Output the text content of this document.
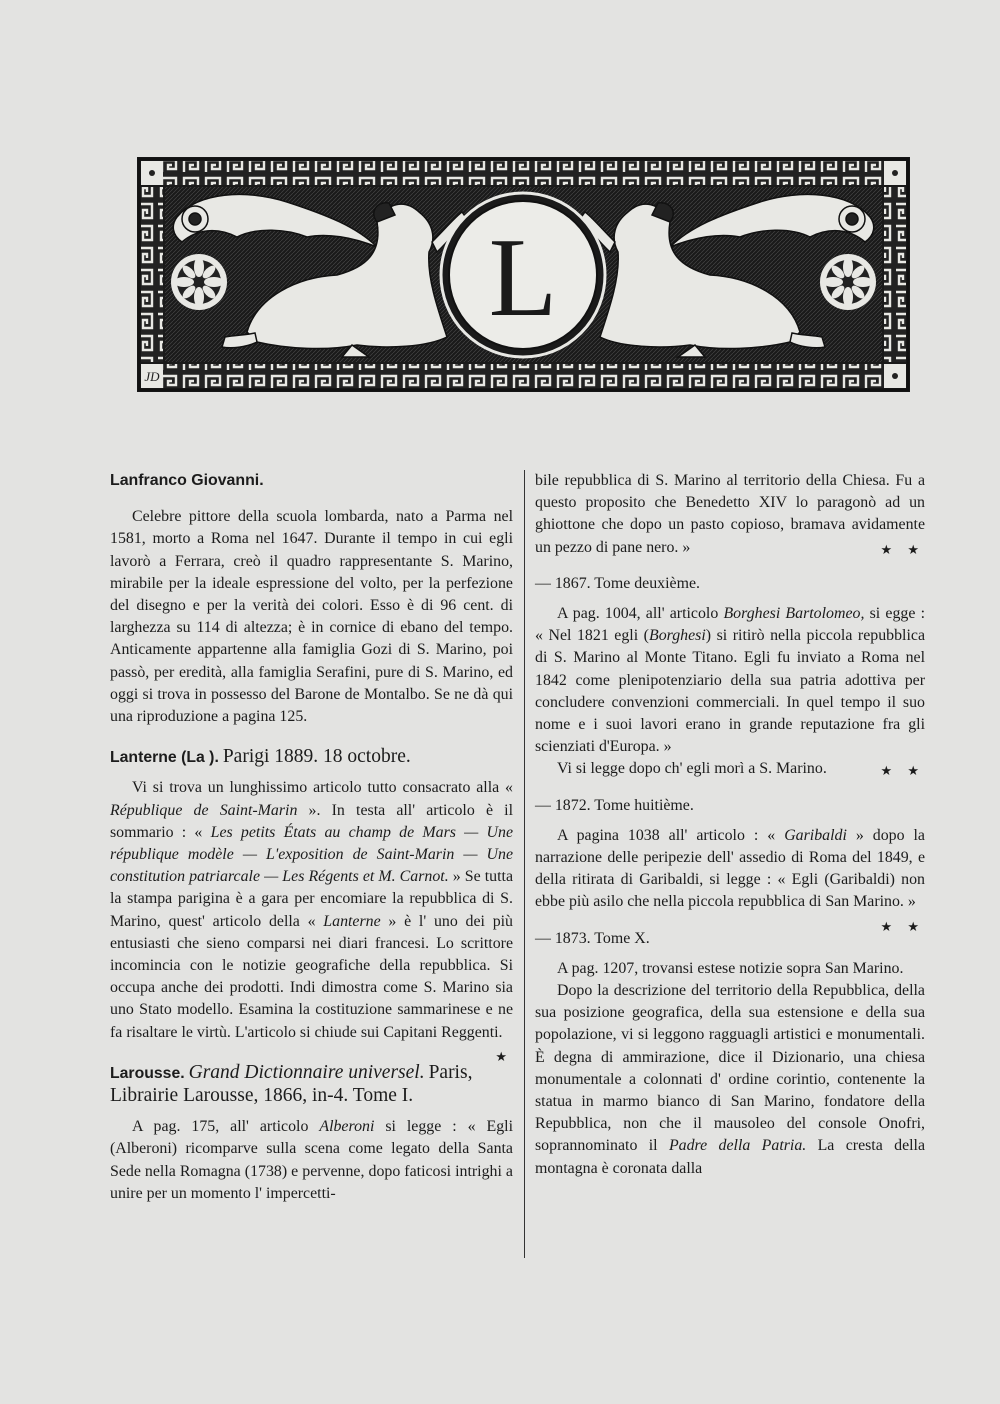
JD
L

Lanfranco Giovanni.

Celebre pittore della scuola lombarda, nato a Parma nel 1581, morto a Roma nel 1647. Durante il tempo in cui egli lavorò a Ferrara, creò il quadro rappresentante S. Marino, mirabile per la ideale espressione del volto, per la perfezione del disegno e per la verità dei colori. Esso è di 96 cent. di larghezza su 114 di altezza; è in cornice di ebano del tempo. Anticamente appartenne alla famiglia Gozi di S. Marino, poi passò, per eredità, alla famiglia Serafini, pure di S. Marino, ed oggi si trova in possesso del Barone de Montalbo. Se ne dà qui una riproduzione a pagina 125.

Lanterne (La ). Parigi 1889. 18 octobre.

Vi si trova un lunghissimo articolo tutto consacrato alla « République de Saint-Marin ». In testa all' articolo è il sommario : « Les petits États au champ de Mars — Une république modèle — L'exposition de Saint-Marin — Une constitution patriarcale — Les Régents et M. Carnot. » Se tutta la stampa parigina è a gara per encomiare la repubblica di S. Marino, quest' articolo della « Lanterne » è l' uno dei più entusiasti che sieno comparsi nei diari francesi. Lo scrittore incomincia con le notizie geografiche della repubblica. Si occupa anche dei prodotti. Indi dimostra come S. Marino sia uno Stato modello. Esamina la costituzione sammarinese e ne fa risaltare le virtù. L'articolo si chiude sui Capitani Reggenti.
★

Larousse. Grand Dictionnaire universel. Paris, Librairie Larousse, 1866, in-4. Tome I.

A pag. 175, all' articolo Alberoni si legge : « Egli (Alberoni) ricomparve sulla scena come legato della Santa Sede nella Romagna (1738) e pervenne, dopo faticosi intrighi a unire per un momento l' impercetti-

bile repubblica di S. Marino al territorio della Chiesa. Fu a questo proposito che Benedetto XIV lo paragonò ad un ghiottone che dopo un pasto copioso, bramava avidamente un pezzo di pane nero. »	★ ★

— 1867. Tome deuxième.

A pag. 1004, all' articolo Borghesi Bartolomeo, si egge : « Nel 1821 egli (Borghesi) si ritirò nella piccola repubblica di S. Marino al Monte Titano. Egli fu inviato a Roma nel 1842 come plenipotenziario della sua patria adottiva per concludere convenzioni commerciali. In quel tempo il suo nome e i suoi lavori erano in grande reputazione fra gli scienziati d'Europa. »

Vi si legge dopo ch' egli morì a S. Marino.	★ ★

— 1872. Tome huitième.

A pagina 1038 all' articolo : « Garibaldi » dopo la narrazione delle peripezie dell' assedio di Roma del 1849, e della ritirata di Garibaldi, si legge : « Egli (Garibaldi) non ebbe più asilo che nella piccola repubblica di San Marino. »
★ ★

— 1873. Tome X.

A pag. 1207, trovansi estese notizie sopra San Marino.

Dopo la descrizione del territorio della Repubblica, della sua posizione geografica, della sua estensione e della sua popolazione, vi si leggono ragguagli artistici e monumentali. È degna di ammirazione, dice il Dizionario, una chiesa monumentale a colonnati d' ordine corintio, contenente la statua in marmo bianco di San Marino, fondatore della Repubblica, non che il mausoleo del console Onofri, soprannominato il Padre della Patria. La cresta della montagna è coronata dalla
